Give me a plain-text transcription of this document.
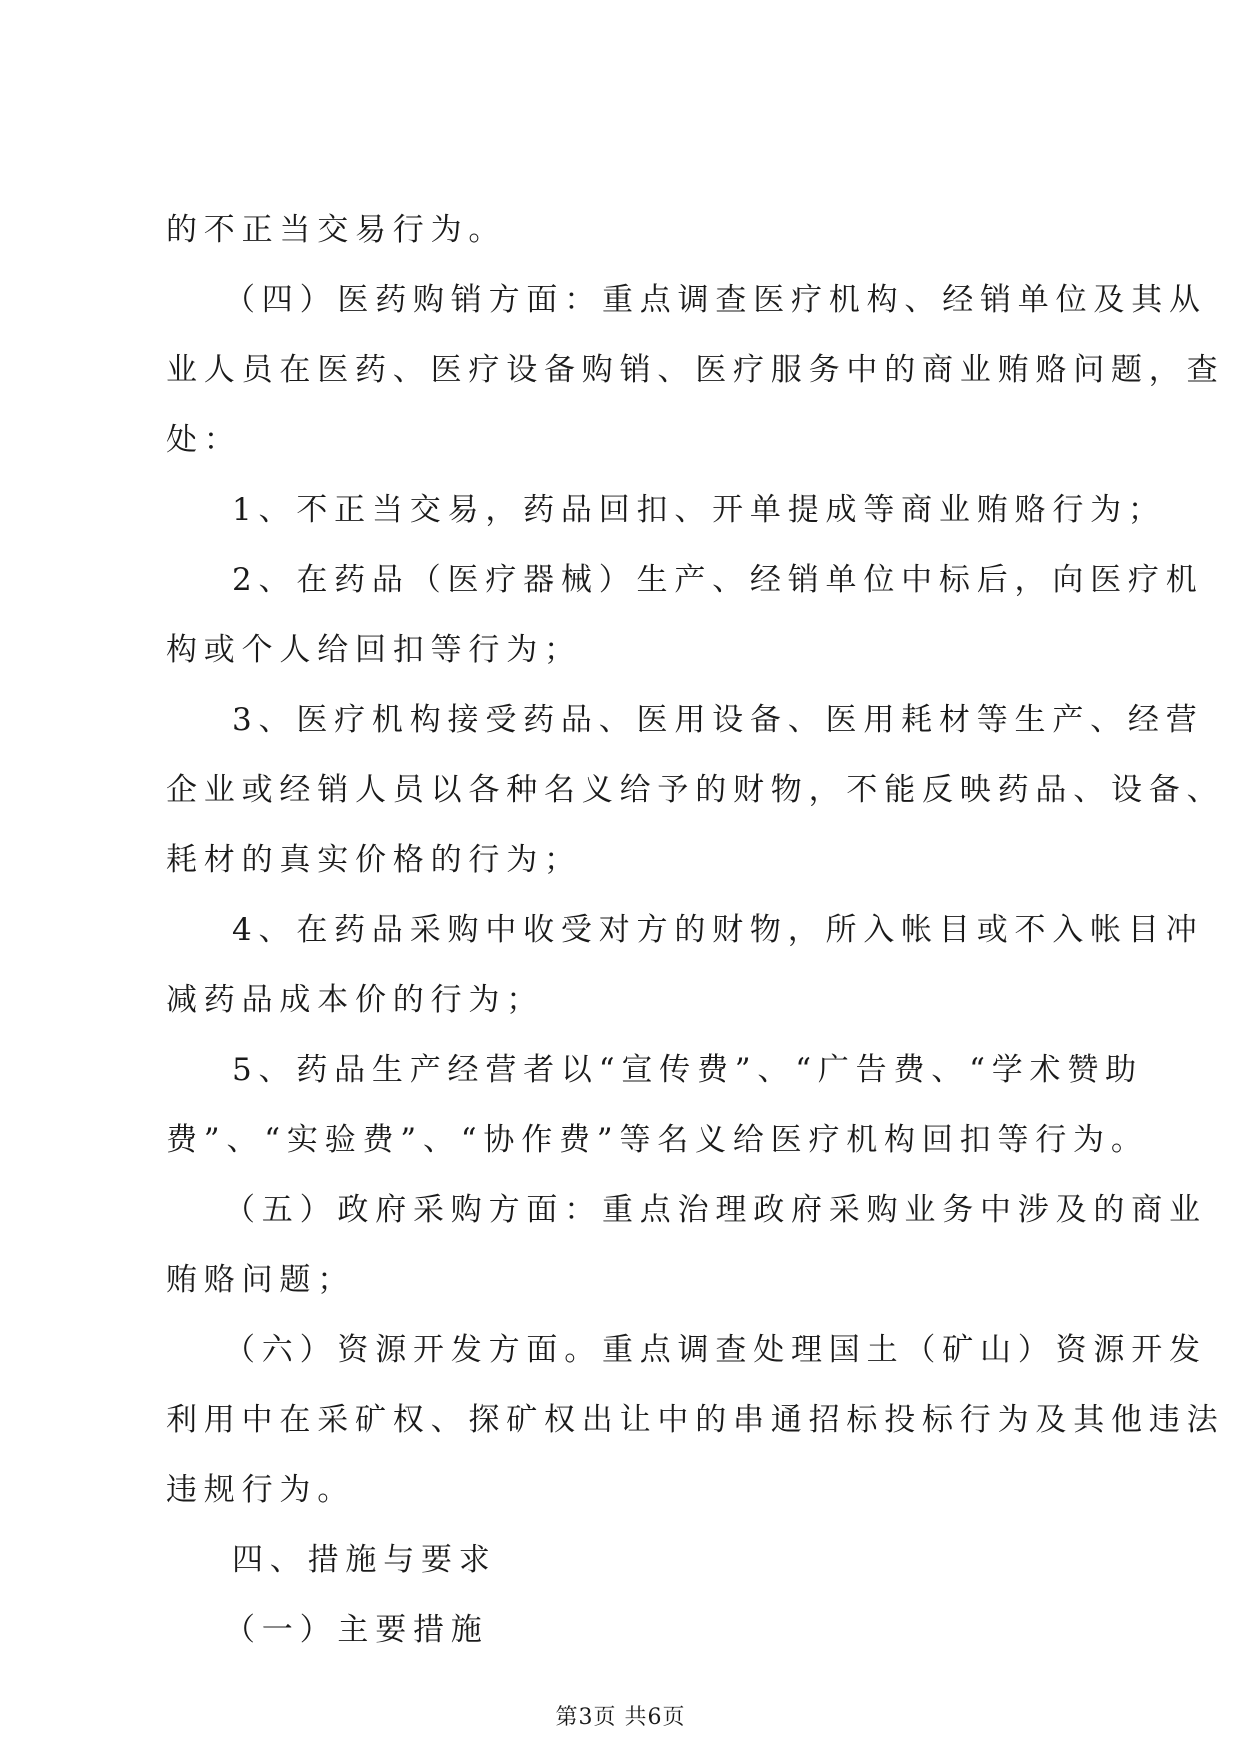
的不正当交易行为。
（四）医药购销方面：重点调查医疗机构、经销单位及其从
业人员在医药、医疗设备购销、医疗服务中的商业贿赂问题，查
处：
1、不正当交易，药品回扣、开单提成等商业贿赂行为；
2、在药品（医疗器械）生产、经销单位中标后，向医疗机
构或个人给回扣等行为；
3、医疗机构接受药品、医用设备、医用耗材等生产、经营
企业或经销人员以各种名义给予的财物，不能反映药品、设备、
耗材的真实价格的行为；
4、在药品采购中收受对方的财物，所入帐目或不入帐目冲
减药品成本价的行为；
5、药品生产经营者以“宣传费”、“广告费、“学术赞助
费”、“实验费”、“协作费”等名义给医疗机构回扣等行为。
（五）政府采购方面：重点治理政府采购业务中涉及的商业
贿赂问题；
（六）资源开发方面。重点调查处理国土（矿山）资源开发
利用中在采矿权、探矿权出让中的串通招标投标行为及其他违法
违规行为。
四、措施与要求
（一）主要措施
第3页 共6页
